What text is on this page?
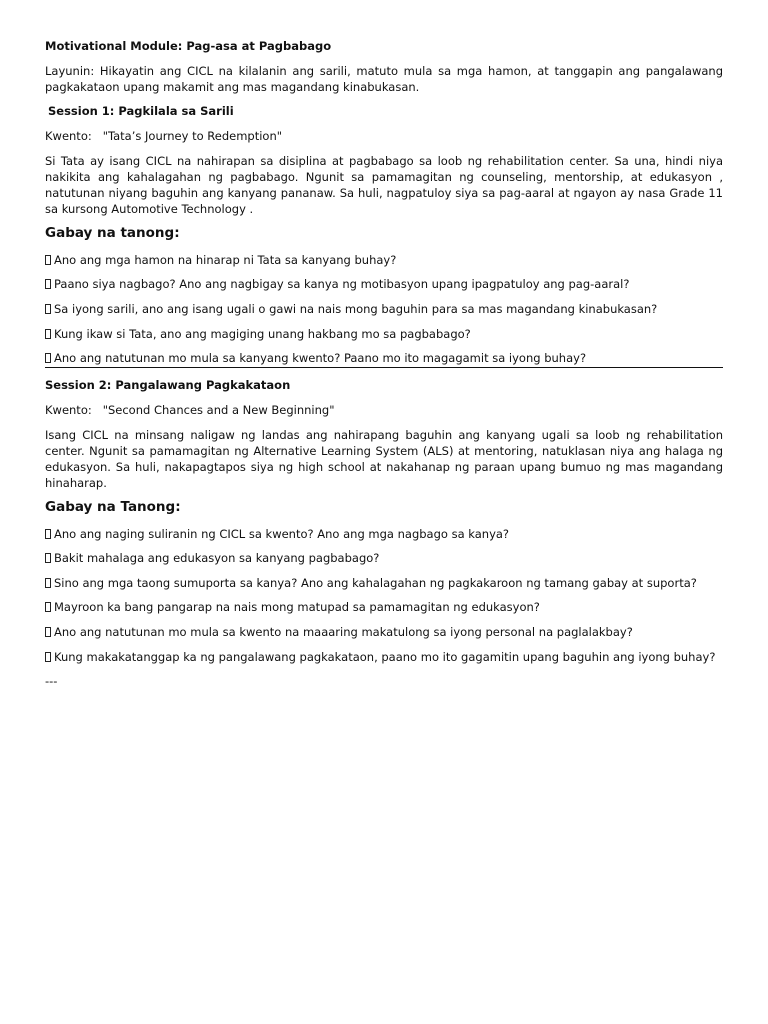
Motivational Module: Pag-asa at Pagbabago

Layunin: Hikayatin ang CICL na kilalanin ang sarili, matuto mula sa mga hamon, at tanggapin ang pangalawang pagkakataon upang makamit ang mas magandang kinabukasan.

Session 1: Pagkilala sa Sarili
Kwento:   "Tata’s Journey to Redemption"

Si Tata ay isang CICL na nahirapan sa disiplina at pagbabago sa loob ng rehabilitation center. Sa una, hindi niya nakikita ang kahalagahan ng pagbabago. Ngunit sa pamamagitan ng counseling, mentorship, at edukasyon , natutunan niyang baguhin ang kanyang pananaw. Sa huli, nagpatuloy siya sa pag-aaral at ngayon ay nasa Grade 11 sa kursong Automotive Technology .

Gabay na tanong:
Ano ang mga hamon na hinarap ni Tata sa kanyang buhay?
Paano siya nagbago? Ano ang nagbigay sa kanya ng motibasyon upang ipagpatuloy ang pag-aaral?
Sa iyong sarili, ano ang isang ugali o gawi na nais mong baguhin para sa mas magandang kinabukasan?
Kung ikaw si Tata, ano ang magiging unang hakbang mo sa pagbabago?
Ano ang natutunan mo mula sa kanyang kwento? Paano mo ito magagamit sa iyong buhay?
Session 2: Pangalawang Pagkakataon
Kwento:   "Second Chances and a New Beginning"

Isang CICL na minsang naligaw ng landas ang nahirapang baguhin ang kanyang ugali sa loob ng rehabilitation center. Ngunit sa pamamagitan ng Alternative Learning System (ALS) at mentoring, natuklasan niya ang halaga ng edukasyon. Sa huli, nakapagtapos siya ng high school at nakahanap ng paraan upang bumuo ng mas magandang hinaharap.

Gabay na Tanong:
Ano ang naging suliranin ng CICL sa kwento? Ano ang mga nagbago sa kanya?
Bakit mahalaga ang edukasyon sa kanyang pagbabago?
Sino ang mga taong sumuporta sa kanya? Ano ang kahalagahan ng pagkakaroon ng tamang gabay at suporta?
Mayroon ka bang pangarap na nais mong matupad sa pamamagitan ng edukasyon?
Ano ang natutunan mo mula sa kwento na maaaring makatulong sa iyong personal na paglalakbay?
Kung makakatanggap ka ng pangalawang pagkakataon, paano mo ito gagamitin upang baguhin ang iyong buhay?

---
